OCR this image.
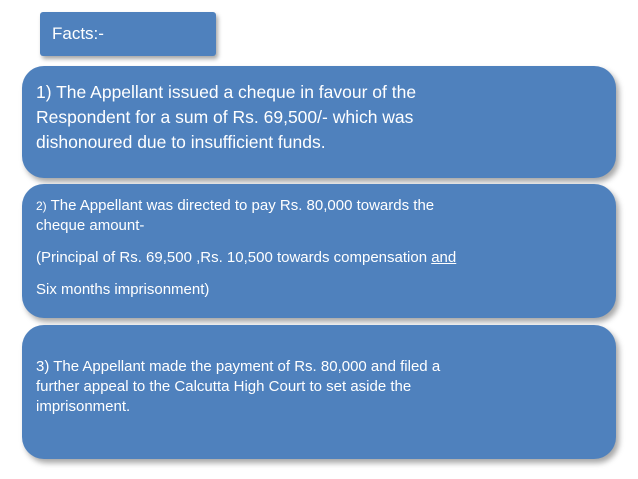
Facts:-
1) The Appellant issued a cheque in favour of the
Respondent for a sum of Rs. 69,500/- which was
dishonoured due to insufficient funds.
2) The Appellant was directed to pay Rs. 80,000 towards the
cheque amount-
(Principal of Rs. 69,500 ,Rs. 10,500 towards compensation and
Six months imprisonment)
3) The Appellant made the payment of Rs. 80,000 and filed a
further appeal to the Calcutta High Court to set aside the
imprisonment.
